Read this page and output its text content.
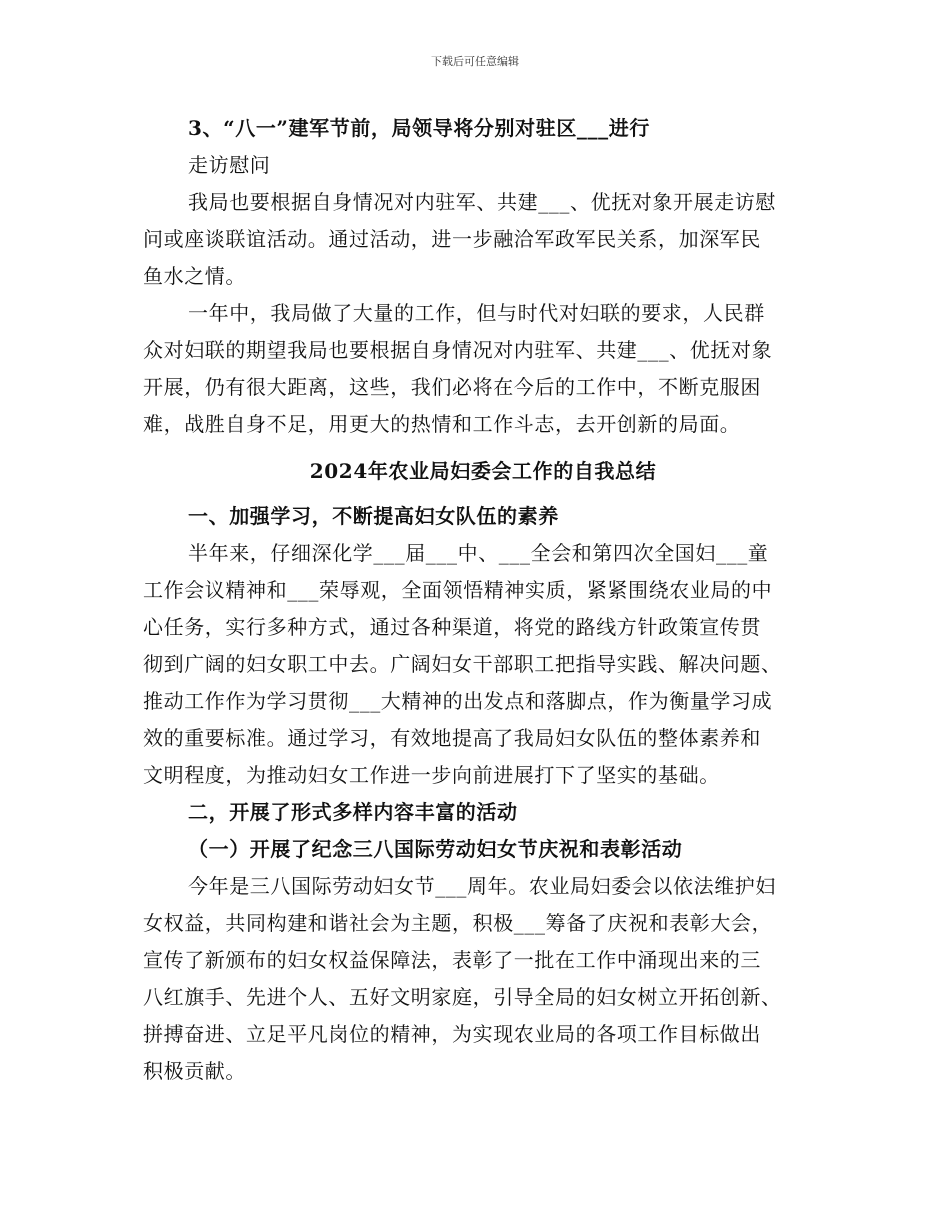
下载后可任意编辑
3、“八一”建军节前，局领导将分别对驻区___进行
走访慰问
我局也要根据自身情况对内驻军、共建___、优抚对象开展走访慰
问或座谈联谊活动。通过活动，进一步融洽军政军民关系，加深军民
鱼水之情。
一年中，我局做了大量的工作，但与时代对妇联的要求，人民群
众对妇联的期望我局也要根据自身情况对内驻军、共建___、优抚对象
开展，仍有很大距离，这些，我们必将在今后的工作中，不断克服困
难，战胜自身不足，用更大的热情和工作斗志，去开创新的局面。
2024年农业局妇委会工作的自我总结
一、加强学习，不断提高妇女队伍的素养
半年来，仔细深化学___届___中、___全会和第四次全国妇___童
工作会议精神和___荣辱观，全面领悟精神实质，紧紧围绕农业局的中
心任务，实行多种方式，通过各种渠道，将党的路线方针政策宣传贯
彻到广阔的妇女职工中去。广阔妇女干部职工把指导实践、解决问题、
推动工作作为学习贯彻___大精神的出发点和落脚点，作为衡量学习成
效的重要标准。通过学习，有效地提高了我局妇女队伍的整体素养和
文明程度，为推动妇女工作进一步向前进展打下了坚实的基础。
二，开展了形式多样内容丰富的活动
（一）开展了纪念三八国际劳动妇女节庆祝和表彰活动
今年是三八国际劳动妇女节___周年。农业局妇委会以依法维护妇
女权益，共同构建和谐社会为主题，积极___筹备了庆祝和表彰大会，
宣传了新颁布的妇女权益保障法，表彰了一批在工作中涌现出来的三
八红旗手、先进个人、五好文明家庭，引导全局的妇女树立开拓创新、
拼搏奋进、立足平凡岗位的精神，为实现农业局的各项工作目标做出
积极贡献。
